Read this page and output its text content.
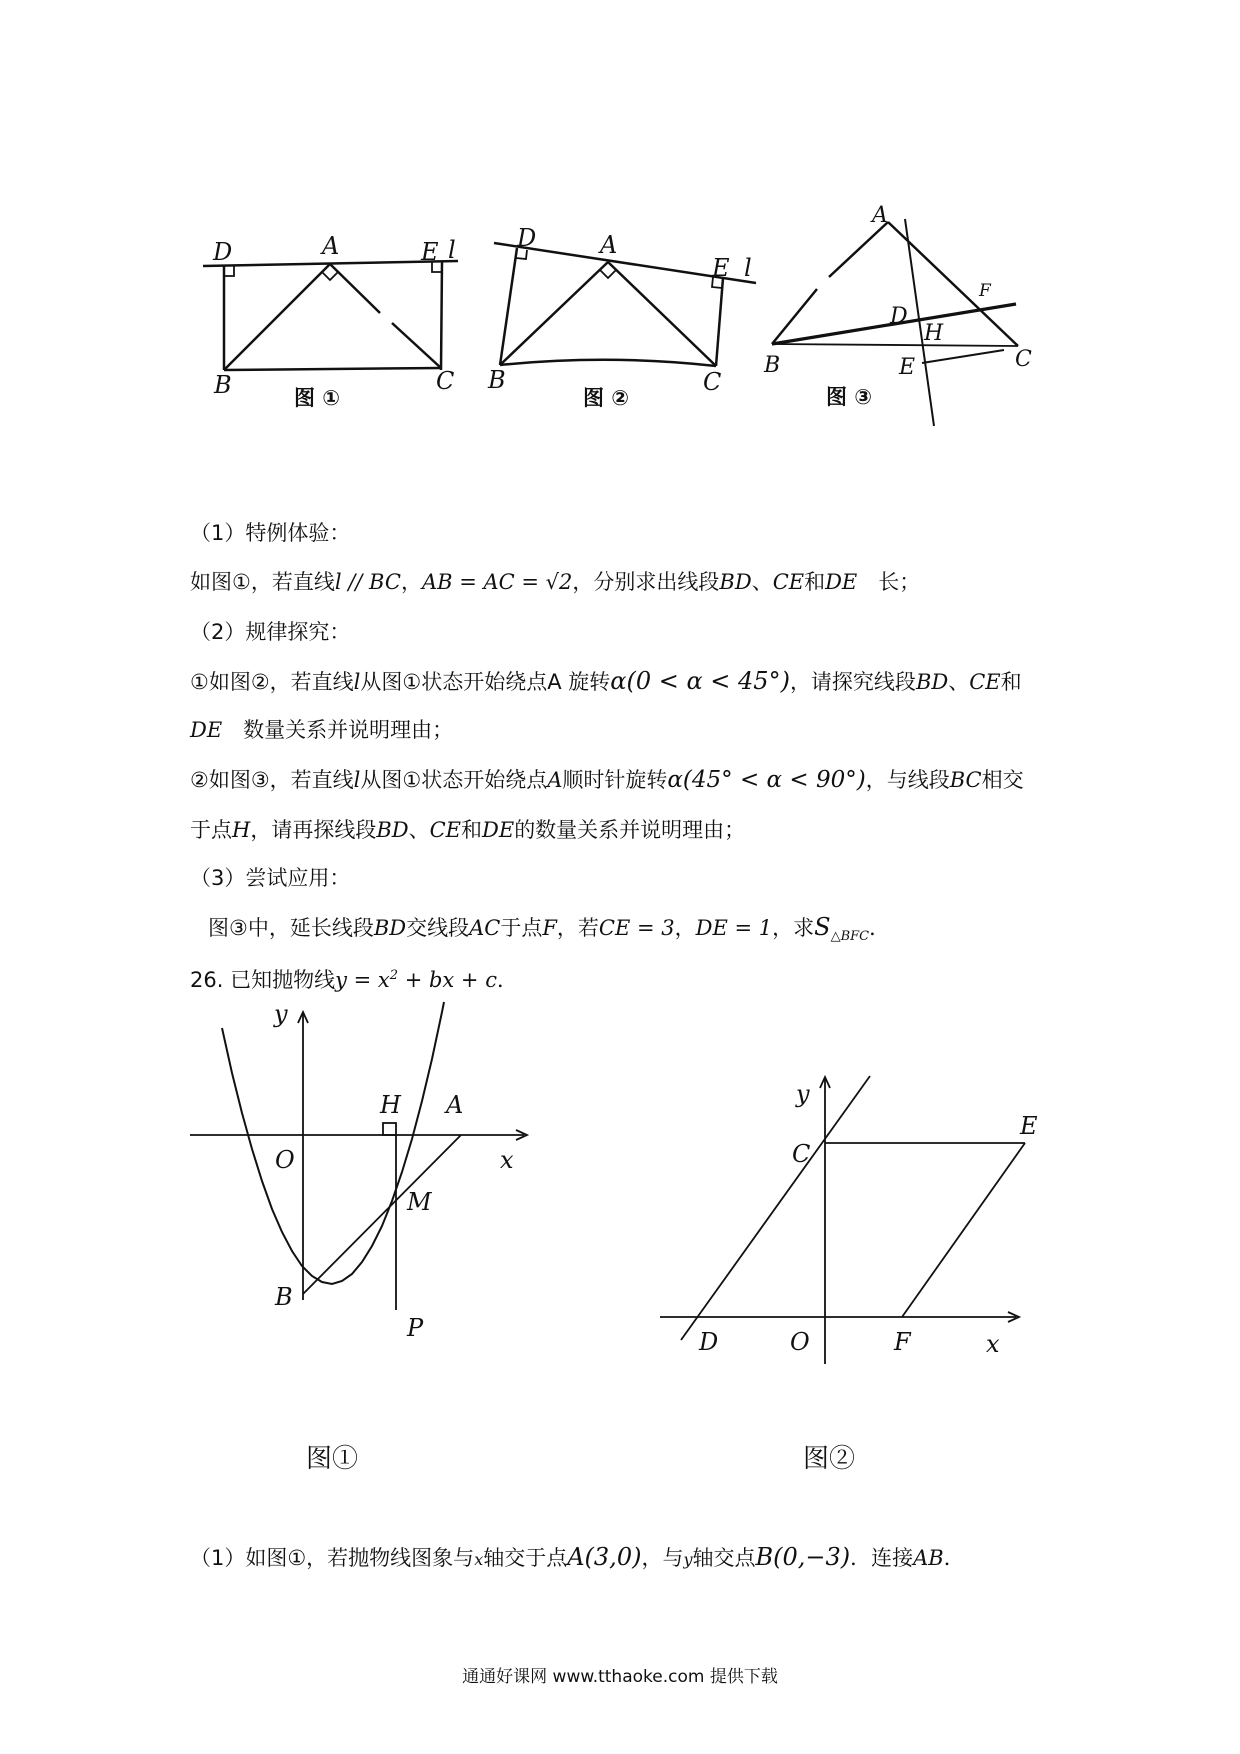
D	A	E l
B	C
图 ①
D	A
E l
B	C
图 ②
A
F
D
H
B	E	C
图 ③
（1）特例体验：
如图①，若直线l // BC，AB = AC = √2，分别求出线段BD、CE和DE　长；
（2）规律探究：
①如图②，若直线l从图①状态开始绕点A 旋转α(0 < α < 45°)，请探究线段BD、CE和
DE　数量关系并说明理由；
②如图③，若直线l从图①状态开始绕点A顺时针旋转α(45° < α < 90°)，与线段BC相交
于点H，请再探线段BD、CE和DE的数量关系并说明理由；
（3）尝试应用：
图③中，延长线段BD交线段AC于点F，若CE = 3，DE = 1，求$S_{\triangle BFC}$．
26. 已知抛物线$y = x^2$ + bx + c．
y
x
O
H A
M
B
P
y
x
C
E
D	O	F
图①	图②
（1）如图①，若抛物线图象与x轴交于点A(3,0)，与y轴交点B(0,−3)．连接AB．
通通好课网 www.tthaoke.com 提供下载
